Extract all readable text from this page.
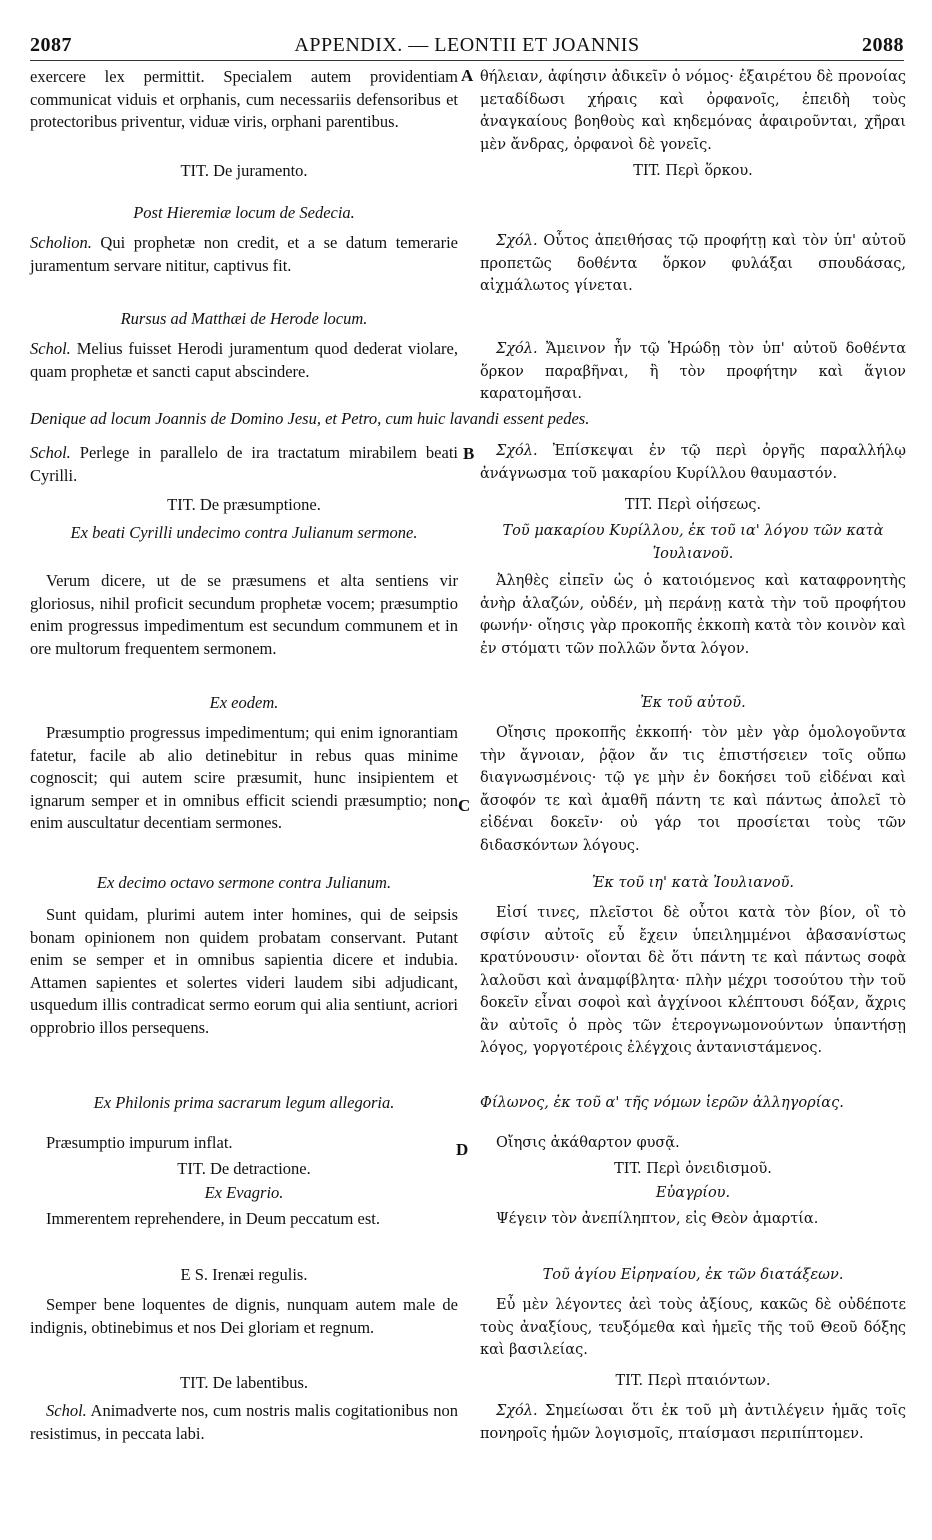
2087	APPENDIX. — LEONTII ET JOANNIS	2088
exercere lex permittit. Specialem autem providentiam communicat viduis et orphanis, cum necessariis defensoribus et protectoribus priventur, viduæ viris, orphani parentibus.
TIT. De juramento.
Post Hieremiæ locum de Sedecia.
Scholion. Qui prophetæ non credit, et a se datum temerarie juramentum servare nititur, captivus fit.
Rursus ad Matthæi de Herode locum.
Schol. Melius fuisset Herodi juramentum quod dederat violare, quam prophetæ et sancti caput abscindere.
Schol. Perlege in parallelo de ira tractatum mirabilem beati Cyrilli.
TIT. De præsumptione.
Ex beati Cyrilli undecimo contra Julianum sermone.
Verum dicere, ut de se præsumens et alta sentiens vir gloriosus, nihil proficit secundum prophetæ vocem; præsumptio enim progressus impedimentum est secundum communem et in ore multorum frequentem sermonem.
Ex eodem.
Præsumptio progressus impedimentum; qui enim ignorantiam fatetur, facile ab alio detinebitur in rebus quas minime cognoscit; qui autem scire præsumit, hunc insipientem et ignarum semper et in omnibus efficit sciendi præsumptio; non enim auscultatur decentiam sermones.
Ex decimo octavo sermone contra Julianum.
Sunt quidam, plurimi autem inter homines, qui de seipsis bonam opinionem non quidem probatam conservant. Putant enim se semper et in omnibus sapientia dicere et indubia. Attamen sapientes et solertes videri laudem sibi adjudicant, usquedum illis contradicat sermo eorum qui alia sentiunt, acriori opprobrio illos persequens.
Ex Philonis prima sacrarum legum allegoria.
Præsumptio impurum inflat.
TIT. De detractione.
Ex Evagrio.
Immerentem reprehendere, in Deum peccatum est.
E S. Irenæi regulis.
Semper bene loquentes de dignis, nunquam autem male de indignis, obtinebimus et nos Dei gloriam et regnum.
TIT. De labentibus.
Schol. Animadverte nos, cum nostris malis cogitationibus non resistimus, in peccata labi.
Denique ad locum Joannis de Domino Jesu, et Petro, cum huic lavandi essent pedes.
A
B
C
D
θήλειαν, ἀφίησιν ἀδικεῖν ὁ νόμος· ἐξαιρέτου δὲ προνοίας μεταδίδωσι χήραις καὶ ὀρφανοῖς, ἐπειδὴ τοὺς ἀναγκαίους βοηθοὺς καὶ κηδεμόνας ἀφαιροῦνται, χῆραι μὲν ἄνδρας, ὀρφανοὶ δὲ γονεῖς.
TIT. Περὶ ὅρκου.
Σχόλ. Οὗτος ἀπειθήσας τῷ προφήτῃ καὶ τὸν ὑπ' αὐτοῦ προπετῶς δοθέντα ὅρκον φυλάξαι σπουδάσας, αἰχμάλωτος γίνεται.
Σχόλ. Ἄμεινον ἦν τῷ Ἡρώδῃ τὸν ὑπ' αὐτοῦ δοθέντα ὅρκον παραβῆναι, ἢ τὸν προφήτην καὶ ἅγιον καρατομῆσαι.
Σχόλ. Ἐπίσκεψαι ἐν τῷ περὶ ὀργῆς παραλλήλῳ ἀνάγνωσμα τοῦ μακαρίου Κυρίλλου θαυμαστόν.
TIT. Περὶ οἰήσεως.
Τοῦ μακαρίου Κυρίλλου, ἐκ τοῦ ια' λόγου τῶν κατὰ Ἰουλιανοῦ.
Ἀληθὲς εἰπεῖν ὡς ὁ κατοιόμενος καὶ καταφρονητὴς ἀνὴρ ἀλαζών, οὐδέν, μὴ περάνῃ κατὰ τὴν τοῦ προφήτου φωνήν· οἴησις γὰρ προκοπῆς ἐκκοπὴ κατὰ τὸν κοινὸν καὶ ἐν στόματι τῶν πολλῶν ὄντα λόγον.
Ἐκ τοῦ αὐτοῦ.
Οἴησις προκοπῆς ἐκκοπή· τὸν μὲν γὰρ ὁμολογοῦντα τὴν ἄγνοιαν, ῥᾷον ἄν τις ἐπιστήσειεν τοῖς οὔπω διαγνωσμένοις· τῷ γε μὴν ἐν δοκήσει τοῦ εἰδέναι καὶ ἄσοφόν τε καὶ ἀμαθῆ πάντη τε καὶ πάντως ἀπολεῖ τὸ εἰδέναι δοκεῖν· οὐ γάρ τοι προσίεται τοὺς τῶν διδασκόντων λόγους.
Ἐκ τοῦ ιη' κατὰ Ἰουλιανοῦ.
Εἰσί τινες, πλεῖστοι δὲ οὗτοι κατὰ τὸν βίον, οἳ τὸ σφίσιν αὐτοῖς εὖ ἔχειν ὑπειλημμένοι ἀβασανίστως κρατύνουσιν· οἴονται δὲ ὅτι πάντη τε καὶ πάντως σοφὰ λαλοῦσι καὶ ἀναμφίβλητα· πλὴν μέχρι τοσούτου τὴν τοῦ δοκεῖν εἶναι σοφοὶ καὶ ἀγχίνοοι κλέπτουσι δόξαν, ἄχρις ἂν αὐτοῖς ὁ πρὸς τῶν ἑτερογνωμονούντων ὑπαντήσῃ λόγος, γοργοτέροις ἐλέγχοις ἀντανιστάμενος.
Φίλωνος, ἐκ τοῦ α' τῆς νόμων ἱερῶν ἀλληγορίας.
Οἴησις ἀκάθαρτον φυσᾷ.
TIT. Περὶ ὀνειδισμοῦ.
Εὐαγρίου.
Ψέγειν τὸν ἀνεπίληπτον, εἰς Θεὸν ἁμαρτία.
Τοῦ ἁγίου Εἰρηναίου, ἐκ τῶν διατάξεων.
Εὖ μὲν λέγοντες ἀεὶ τοὺς ἀξίους, κακῶς δὲ οὐδέποτε τοὺς ἀναξίους, τευξόμεθα καὶ ἡμεῖς τῆς τοῦ Θεοῦ δόξης καὶ βασιλείας.
TIT. Περὶ πταιόντων.
Σχόλ. Σημείωσαι ὅτι ἐκ τοῦ μὴ ἀντιλέγειν ἡμᾶς τοῖς πονηροῖς ἡμῶν λογισμοῖς, πταίσμασι περιπίπτομεν.
